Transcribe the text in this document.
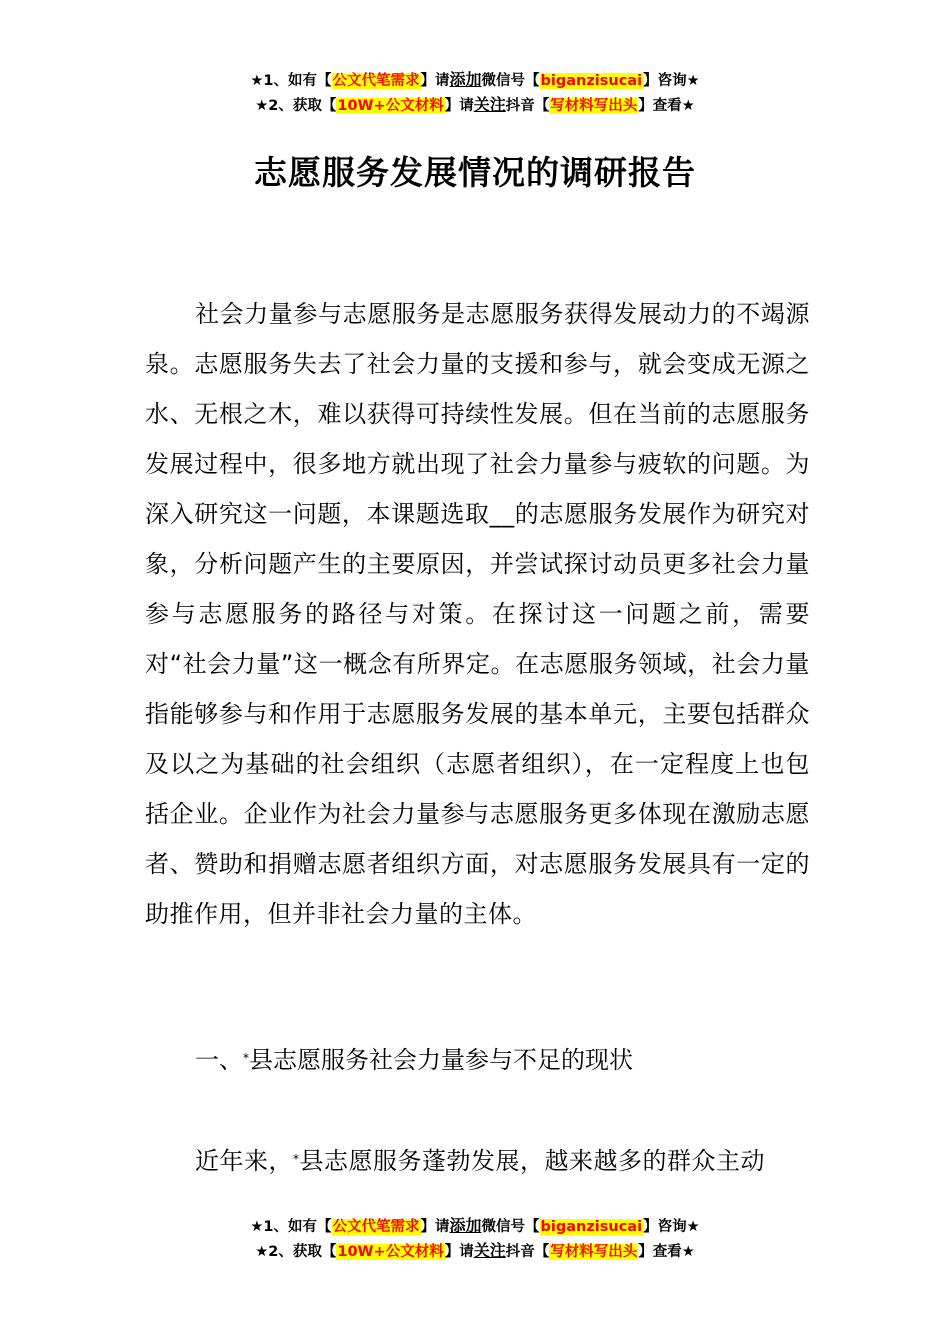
★1、如有【公文代笔需求】请添加微信号【biganzisucai】咨询★
★2、获取【10W+公文材料】请关注抖音【写材料写出头】查看★
志愿服务发展情况的调研报告

社会力量参与志愿服务是志愿服务获得发展动力的不竭源泉。志愿服务失去了社会力量的支援和参与，就会变成无源之水、无根之木，难以获得可持续性发展。但在当前的志愿服务发展过程中，很多地方就出现了社会力量参与疲软的问题。为深入研究这一问题，本课题选取__的志愿服务发展作为研究对象，分析问题产生的主要原因，并尝试探讨动员更多社会力量参与志愿服务的路径与对策。在探讨这一问题之前，需要对“社会力量”这一概念有所界定。在志愿服务领域，社会力量指能够参与和作用于志愿服务发展的基本单元，主要包括群众及以之为基础的社会组织（志愿者组织），在一定程度上也包括企业。企业作为社会力量参与志愿服务更多体现在激励志愿者、赞助和捐赠志愿者组织方面，对志愿服务发展具有一定的助推作用，但并非社会力量的主体。

一、*县志愿服务社会力量参与不足的现状
近年来，*县志愿服务蓬勃发展，越来越多的群众主动
★1、如有【公文代笔需求】请添加微信号【biganzisucai】咨询★
★2、获取【10W+公文材料】请关注抖音【写材料写出头】查看★
